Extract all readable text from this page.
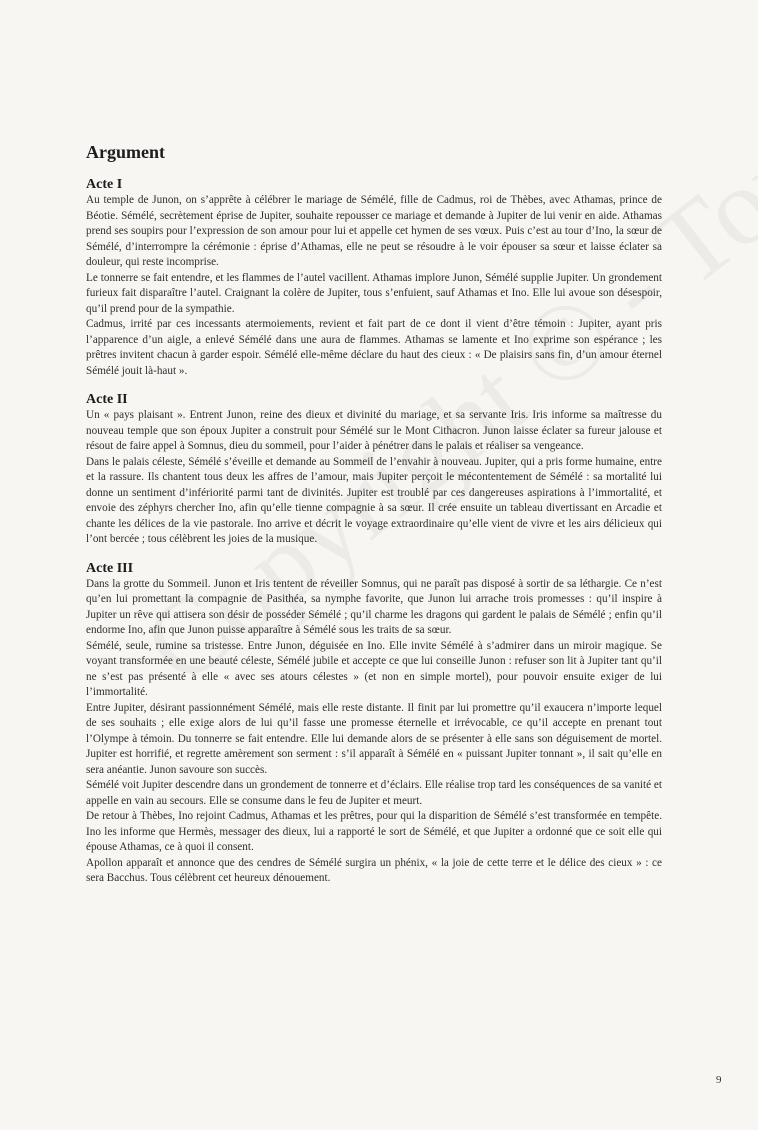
Argument
Acte I

Au temple de Junon, on s’apprête à célébrer le mariage de Sémélé, fille de Cadmus, roi de Thèbes, avec Athamas, prince de Béotie. Sémélé, secrètement éprise de Jupiter, souhaite repousser ce mariage et demande à Jupiter de lui venir en aide. Athamas prend ses soupirs pour l’expression de son amour pour lui et appelle cet hymen de ses vœux. Puis c’est au tour d’Ino, la sœur de Sémélé, d’interrompre la cérémonie : éprise d’Athamas, elle ne peut se résoudre à le voir épouser sa sœur et laisse éclater sa douleur, qui reste incomprise.

Le tonnerre se fait entendre, et les flammes de l’autel vacillent. Athamas implore Junon, Sémélé supplie Jupiter. Un grondement furieux fait disparaître l’autel. Craignant la colère de Jupiter, tous s’enfuient, sauf Athamas et Ino. Elle lui avoue son désespoir, qu’il prend pour de la sympathie.

Cadmus, irrité par ces incessants atermoiements, revient et fait part de ce dont il vient d’être témoin : Jupiter, ayant pris l’apparence d’un aigle, a enlevé Sémélé dans une aura de flammes. Athamas se lamente et Ino exprime son espérance ; les prêtres invitent chacun à garder espoir. Sémélé elle-même déclare du haut des cieux : « De plaisirs sans fin, d’un amour éternel Sémélé jouit là-haut ».

Acte II

Un « pays plaisant ». Entrent Junon, reine des dieux et divinité du mariage, et sa servante Iris. Iris informe sa maîtresse du nouveau temple que son époux Jupiter a construit pour Sémélé sur le Mont Cithacron. Junon laisse éclater sa fureur jalouse et résout de faire appel à Somnus, dieu du sommeil, pour l’aider à pénétrer dans le palais et réaliser sa vengeance.

Dans le palais céleste, Sémélé s’éveille et demande au Sommeil de l’envahir à nouveau. Jupiter, qui a pris forme humaine, entre et la rassure. Ils chantent tous deux les affres de l’amour, mais Jupiter perçoit le mécontentement de Sémélé : sa mortalité lui donne un sentiment d’infériorité parmi tant de divinités. Jupiter est troublé par ces dangereuses aspirations à l’immortalité, et envoie des zéphyrs chercher Ino, afin qu’elle tienne compagnie à sa sœur. Il crée ensuite un tableau divertissant en Arcadie et chante les délices de la vie pastorale. Ino arrive et décrit le voyage extraordinaire qu’elle vient de vivre et les airs délicieux qui l’ont bercée ; tous célèbrent les joies de la musique.

Acte III

Dans la grotte du Sommeil. Junon et Iris tentent de réveiller Somnus, qui ne paraît pas disposé à sortir de sa léthargie. Ce n’est qu’en lui promettant la compagnie de Pasithéa, sa nymphe favorite, que Junon lui arrache trois promesses : qu’il inspire à Jupiter un rêve qui attisera son désir de posséder Sémélé ; qu’il charme les dragons qui gardent le palais de Sémélé ; enfin qu’il endorme Ino, afin que Junon puisse apparaître à Sémélé sous les traits de sa sœur.

Sémélé, seule, rumine sa tristesse. Entre Junon, déguisée en Ino. Elle invite Sémélé à s’admirer dans un miroir magique. Se voyant transformée en une beauté céleste, Sémélé jubile et accepte ce que lui conseille Junon : refuser son lit à Jupiter tant qu’il ne s’est pas présenté à elle « avec ses atours célestes » (et non en simple mortel), pour pouvoir ensuite exiger de lui l’immortalité.

Entre Jupiter, désirant passionnément Sémélé, mais elle reste distante. Il finit par lui promettre qu’il exaucera n’importe lequel de ses souhaits ; elle exige alors de lui qu’il fasse une promesse éternelle et irrévocable, ce qu’il accepte en prenant tout l’Olympe à témoin. Du tonnerre se fait entendre. Elle lui demande alors de se présenter à elle sans son déguisement de mortel. Jupiter est horrifié, et regrette amèrement son serment : s’il apparaît à Sémélé en « puissant Jupiter tonnant », il sait qu’elle en sera anéantie. Junon savoure son succès.

Sémélé voit Jupiter descendre dans un grondement de tonnerre et d’éclairs. Elle réalise trop tard les conséquences de sa vanité et appelle en vain au secours. Elle se consume dans le feu de Jupiter et meurt.

De retour à Thèbes, Ino rejoint Cadmus, Athamas et les prêtres, pour qui la disparition de Sémélé s’est transformée en tempête. Ino les informe que Hermès, messager des dieux, lui a rapporté le sort de Sémélé, et que Jupiter a ordonné que ce soit elle qui épouse Athamas, ce à quoi il consent.

Apollon apparaît et annonce que des cendres de Sémélé surgira un phénix, « la joie de cette terre et le délice des cieux » : ce sera Bacchus. Tous célèbrent cet heureux dénouement.

9
